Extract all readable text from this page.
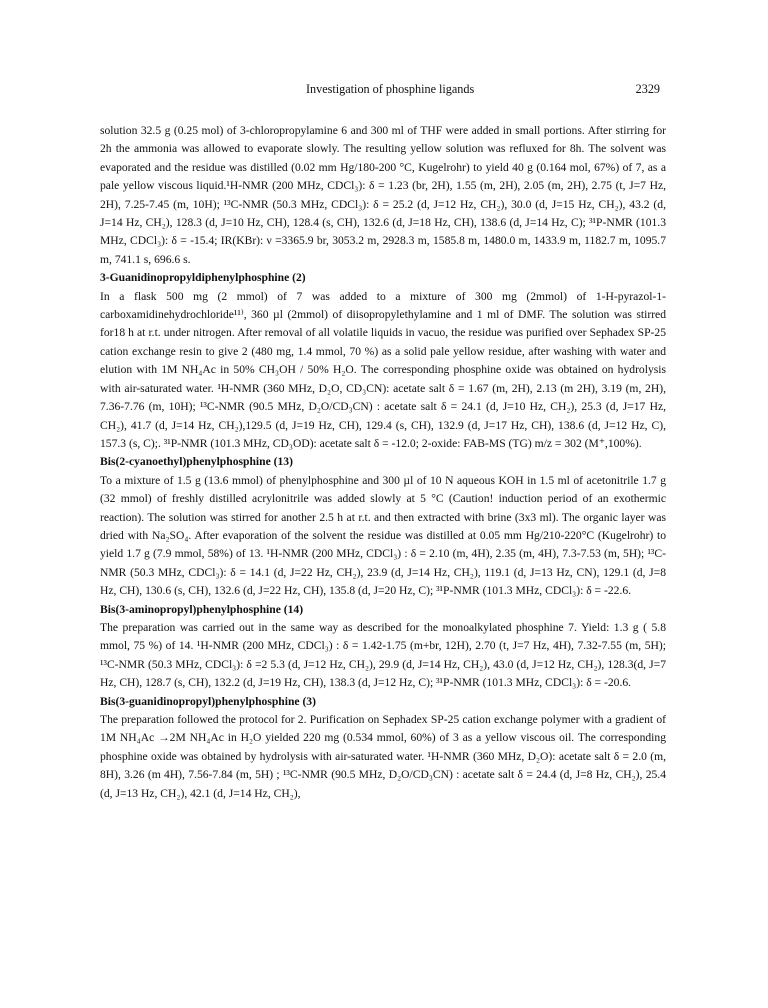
Investigation of phosphine ligands	2329

solution 32.5 g (0.25 mol) of 3-chloropropylamine 6 and 300 ml of THF were added in small portions. After stirring for 2h the ammonia was allowed to evaporate slowly. The resulting yellow solution was refluxed for 8h. The solvent was evaporated and the residue was distilled (0.02 mm Hg/180-200 °C, Kugelrohr) to yield 40 g (0.164 mol, 67%) of 7, as a pale yellow viscous liquid.¹H-NMR (200 MHz, CDCl₃): δ = 1.23 (br, 2H), 1.55 (m, 2H), 2.05 (m, 2H), 2.75 (t, J=7 Hz, 2H), 7.25-7.45 (m, 10H); ¹³C-NMR (50.3 MHz, CDCl₃): δ = 25.2 (d, J=12 Hz, CH₂), 30.0 (d, J=15 Hz, CH₂), 43.2 (d, J=14 Hz, CH₂), 128.3 (d, J=10 Hz, CH), 128.4 (s, CH), 132.6 (d, J=18 Hz, CH), 138.6 (d, J=14 Hz, C); ³¹P-NMR (101.3 MHz, CDCl₃): δ = -15.4; IR(KBr): ν =3365.9 br, 3053.2 m, 2928.3 m, 1585.8 m, 1480.0 m, 1433.9 m, 1182.7 m, 1095.7 m, 741.1 s, 696.6 s.

3-Guanidinopropyldiphenylphosphine (2)

In a flask 500 mg (2 mmol) of 7 was added to a mixture of 300 mg (2mmol) of 1-H-pyrazol-1-carboxamidinehydrochloride¹¹⁾, 360 µl (2mmol) of diisopropylethylamine and 1 ml of DMF. The solution was stirred for18 h at r.t. under nitrogen. After removal of all volatile liquids in vacuo, the residue was purified over Sephadex SP-25 cation exchange resin to give 2 (480 mg, 1.4 mmol, 70 %) as a solid pale yellow residue, after washing with water and elution with 1M NH₄Ac in 50% CH₃OH / 50% H₂O. The corresponding phosphine oxide was obtained on hydrolysis with air-saturated water. ¹H-NMR (360 MHz, D₂O, CD₃CN): acetate salt δ = 1.67 (m, 2H), 2.13 (m 2H), 3.19 (m, 2H), 7.36-7.76 (m, 10H); ¹³C-NMR (90.5 MHz, D₂O/CD₃CN) : acetate salt δ = 24.1 (d, J=10 Hz, CH₂), 25.3 (d, J=17 Hz, CH₂), 41.7 (d, J=14 Hz, CH₂),129.5 (d, J=19 Hz, CH), 129.4 (s, CH), 132.9 (d, J=17 Hz, CH), 138.6 (d, J=12 Hz, C), 157.3 (s, C);. ³¹P-NMR (101.3 MHz, CD₃OD): acetate salt δ = -12.0; 2-oxide: FAB-MS (TG) m/z = 302 (M⁺,100%).

Bis(2-cyanoethyl)phenylphosphine (13)

To a mixture of 1.5 g (13.6 mmol) of phenylphosphine and 300 µl of 10 N aqueous KOH in 1.5 ml of acetonitrile 1.7 g (32 mmol) of freshly distilled acrylonitrile was added slowly at 5 °C (Caution! induction period of an exothermic reaction). The solution was stirred for another 2.5 h at r.t. and then extracted with brine (3x3 ml). The organic layer was dried with Na₂SO₄. After evaporation of the solvent the residue was distilled at 0.05 mm Hg/210-220°C (Kugelrohr) to yield 1.7 g (7.9 mmol, 58%) of 13. ¹H-NMR (200 MHz, CDCl₃) : δ = 2.10 (m, 4H), 2.35 (m, 4H), 7.3-7.53 (m, 5H); ¹³C-NMR (50.3 MHz, CDCl₃): δ = 14.1 (d, J=22 Hz, CH₂), 23.9 (d, J=14 Hz, CH₂), 119.1 (d, J=13 Hz, CN), 129.1 (d, J=8 Hz, CH), 130.6 (s, CH), 132.6 (d, J=22 Hz, CH), 135.8 (d, J=20 Hz, C); ³¹P-NMR (101.3 MHz, CDCl₃): δ = -22.6.

Bis(3-aminopropyl)phenylphosphine (14)

The preparation was carried out in the same way as described for the monoalkylated phosphine 7. Yield: 1.3 g ( 5.8 mmol, 75 %) of 14. ¹H-NMR (200 MHz, CDCl₃) : δ = 1.42-1.75 (m+br, 12H), 2.70 (t, J=7 Hz, 4H), 7.32-7.55 (m, 5H); ¹³C-NMR (50.3 MHz, CDCl₃): δ =2 5.3 (d, J=12 Hz, CH₂), 29.9 (d, J=14 Hz, CH₂), 43.0 (d, J=12 Hz, CH₂), 128.3(d, J=7 Hz, CH), 128.7 (s, CH), 132.2 (d, J=19 Hz, CH), 138.3 (d, J=12 Hz, C); ³¹P-NMR (101.3 MHz, CDCl₃): δ = -20.6.

Bis(3-guanidinopropyl)phenylphosphine (3)

The preparation followed the protocol for 2. Purification on Sephadex SP-25 cation exchange polymer with a gradient of 1M NH₄Ac →2M NH₄Ac in H₂O yielded 220 mg (0.534 mmol, 60%) of 3 as a yellow viscous oil. The corresponding phosphine oxide was obtained by hydrolysis with air-saturated water. ¹H-NMR (360 MHz, D₂O): acetate salt δ = 2.0 (m, 8H), 3.26 (m 4H), 7.56-7.84 (m, 5H) ; ¹³C-NMR (90.5 MHz, D₂O/CD₃CN) : acetate salt δ = 24.4 (d, J=8 Hz, CH₂), 25.4 (d, J=13 Hz, CH₂), 42.1 (d, J=14 Hz, CH₂),
